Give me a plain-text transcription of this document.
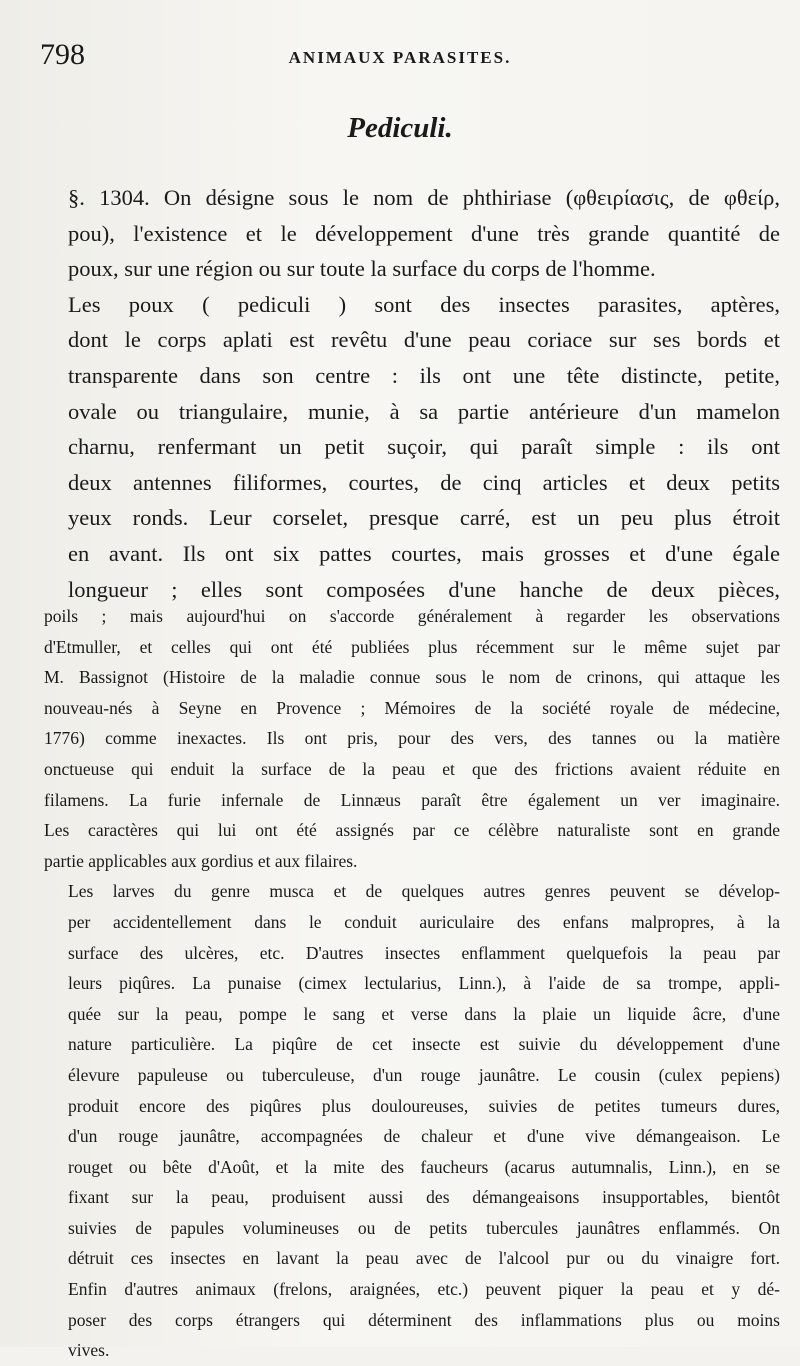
798	ANIMAUX PARASITES.
Pediculi.

§. 1304. On désigne sous le nom de phthiriase (φθειρίασις, de φθείρ,
pou), l'existence et le développement d'une très grande quantité de
poux, sur une région ou sur toute la surface du corps de l'homme.

Les poux ( pediculi ) sont des insectes parasites, aptères,
dont le corps aplati est revêtu d'une peau coriace sur ses bords et
transparente dans son centre : ils ont une tête distincte, petite,
ovale ou triangulaire, munie, à sa partie antérieure d'un mamelon
charnu, renfermant un petit suçoir, qui paraît simple : ils ont
deux antennes filiformes, courtes, de cinq articles et deux petits
yeux ronds. Leur corselet, presque carré, est un peu plus étroit
en avant. Ils ont six pattes courtes, mais grosses et d'une égale
longueur ; elles sont composées d'une hanche de deux pièces,

poils ; mais aujourd'hui on s'accorde généralement à regarder les observations
d'Etmuller, et celles qui ont été publiées plus récemment sur le même sujet par
M. Bassignot (Histoire de la maladie connue sous le nom de crinons, qui attaque les
nouveau-nés à Seyne en Provence ; Mémoires de la société royale de médecine,
1776) comme inexactes. Ils ont pris, pour des vers, des tannes ou la matière
onctueuse qui enduit la surface de la peau et que des frictions avaient réduite en
filamens. La furie infernale de Linnæus paraît être également un ver imaginaire.
Les caractères qui lui ont été assignés par ce célèbre naturaliste sont en grande
partie applicables aux gordius et aux filaires.

Les larves du genre musca et de quelques autres genres peuvent se dévelop-
per accidentellement dans le conduit auriculaire des enfans malpropres, à la
surface des ulcères, etc. D'autres insectes enflamment quelquefois la peau par
leurs piqûres. La punaise (cimex lectularius, Linn.), à l'aide de sa trompe, appli-
quée sur la peau, pompe le sang et verse dans la plaie un liquide âcre, d'une
nature particulière. La piqûre de cet insecte est suivie du développement d'une
élevure papuleuse ou tuberculeuse, d'un rouge jaunâtre. Le cousin (culex pepiens)
produit encore des piqûres plus douloureuses, suivies de petites tumeurs dures,
d'un rouge jaunâtre, accompagnées de chaleur et d'une vive démangeaison. Le
rouget ou bête d'Août, et la mite des faucheurs (acarus autumnalis, Linn.), en se
fixant sur la peau, produisent aussi des démangeaisons insupportables, bientôt
suivies de papules volumineuses ou de petits tubercules jaunâtres enflammés. On
détruit ces insectes en lavant la peau avec de l'alcool pur ou du vinaigre fort.
Enfin d'autres animaux (frelons, araignées, etc.) peuvent piquer la peau et y dé-
poser des corps étrangers qui déterminent des inflammations plus ou moins
vives.
